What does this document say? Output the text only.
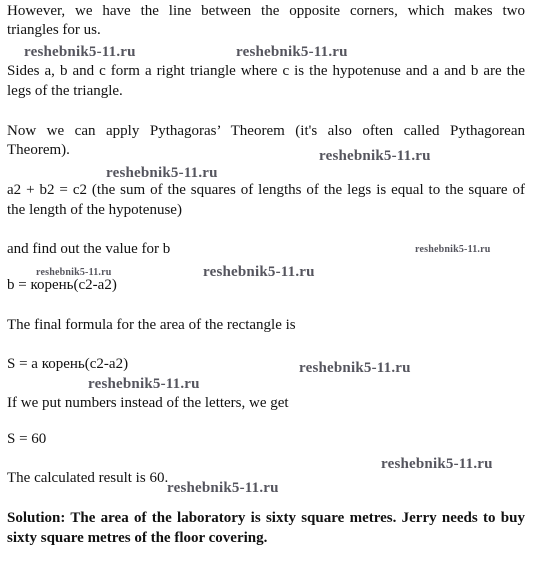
However, we have the line between the opposite corners, which makes two

triangles for us.

Sides a, b and c form a right triangle where c is the hypotenuse and a and b are the

legs of the triangle.

Now we can apply Pythagoras’ Theorem (it's also often called Pythagorean

Theorem).

a2 + b2 = c2 (the sum of the squares of lengths of the legs is equal to the square of

the length of the hypotenuse)

and find out the value for b

b = корень(c2-a2)

The final formula for the area of the rectangle is

S = a корень(c2-a2)

If we put numbers instead of the letters, we get

S = 60

The calculated result is 60.

Solution: The area of the laboratory is sixty square metres. Jerry needs to buy

sixty square metres of the floor covering.

reshebnik5-11.ru	reshebnik5-11.ru
reshebnik5-11.ru
reshebnik5-11.ru
reshebnik5-11.ru
reshebnik5-11.ru	reshebnik5-11.ru
reshebnik5-11.ru
reshebnik5-11.ru
reshebnik5-11.ru
reshebnik5-11.ru
